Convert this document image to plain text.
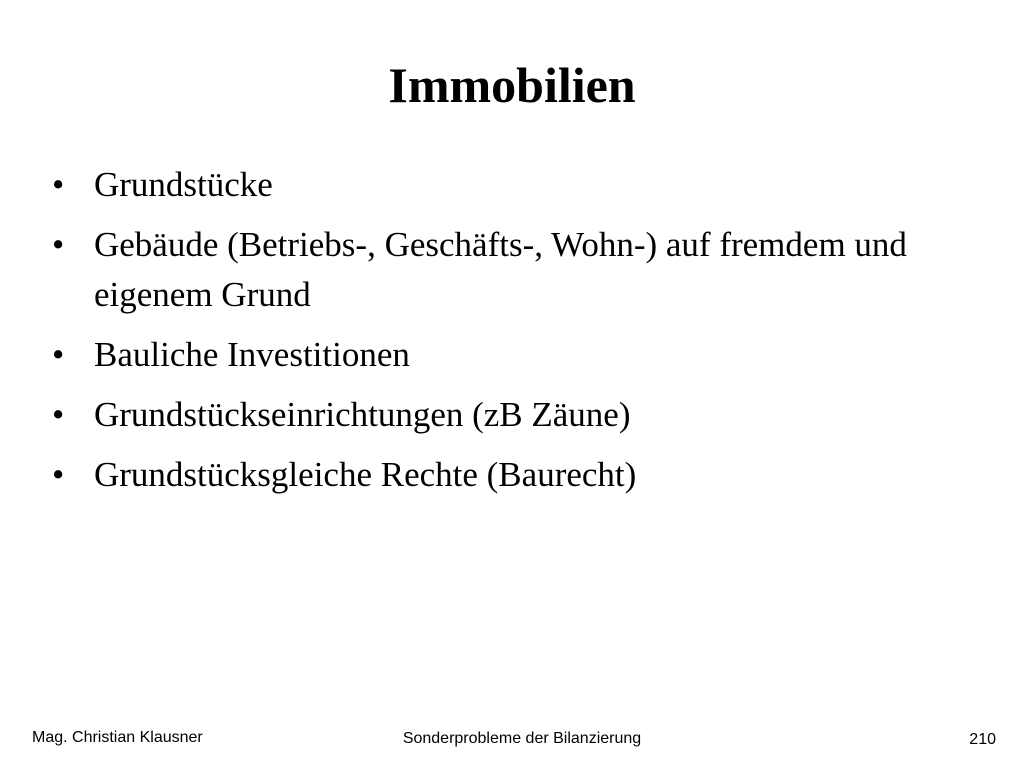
Immobilien
• Grundstücke
• Gebäude (Betriebs-, Geschäfts-, Wohn-) auf fremdem und eigenem Grund
• Bauliche Investitionen
• Grundstückseinrichtungen (zB Zäune)
• Grundstücksgleiche Rechte (Baurecht)
Mag. Christian Klausner	Sonderprobleme der Bilanzierung	210
